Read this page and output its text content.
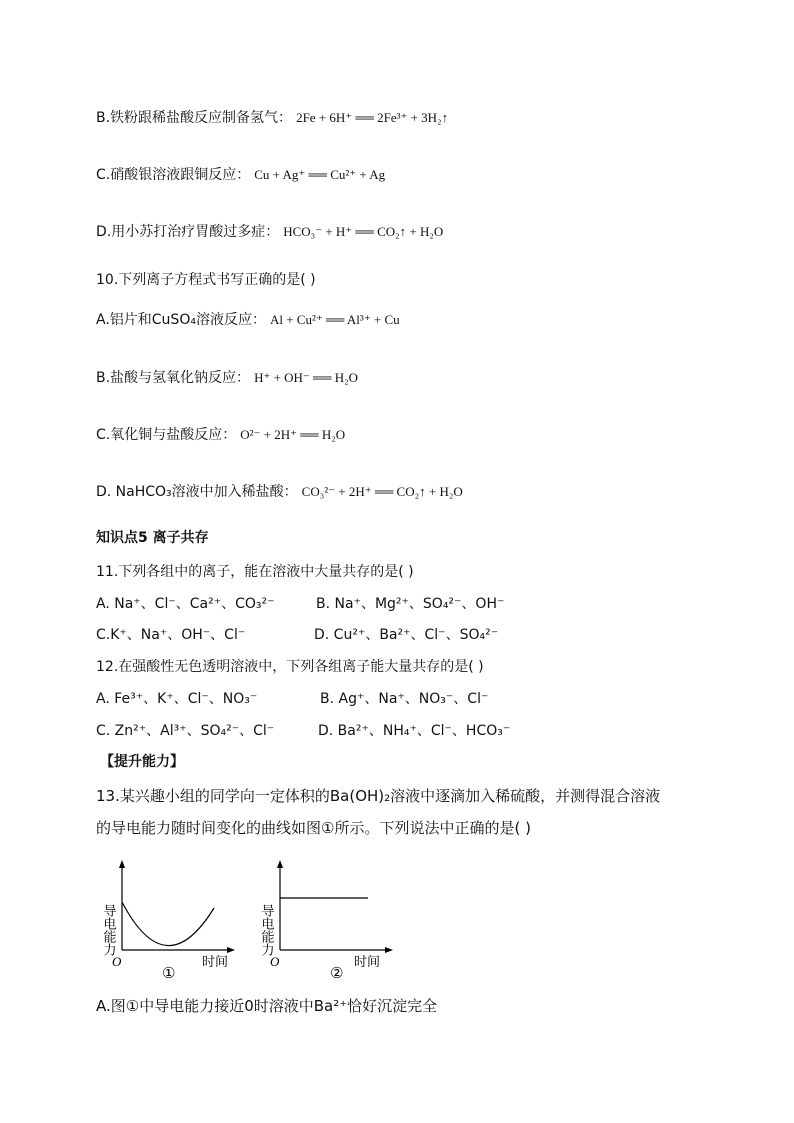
B.铁粉跟稀盐酸反应制备氢气： 2Fe + 6H⁺ ══ 2Fe³⁺ + 3H₂↑
C.硝酸银溶液跟铜反应： Cu + Ag⁺ ══ Cu²⁺ + Ag
D.用小苏打治疗胃酸过多症： HCO₃⁻ + H⁺ ══ CO₂↑ + H₂O
10.下列离子方程式书写正确的是( )
A.铝片和CuSO₄溶液反应： Al + Cu²⁺ ══ Al³⁺ + Cu
B.盐酸与氢氧化钠反应： H⁺ + OH⁻ ══ H₂O
C.氧化铜与盐酸反应： O²⁻ + 2H⁺ ══ H₂O
D. NaHCO₃溶液中加入稀盐酸： CO₃²⁻ + 2H⁺ ══ CO₂↑ + H₂O
知识点5 离子共存
11.下列各组中的离子，能在溶液中大量共存的是( )
A. Na⁺、Cl⁻、Ca²⁺、CO₃²⁻	B. Na⁺、Mg²⁺、SO₄²⁻、OH⁻
C.K⁺、Na⁺、OH⁻、Cl⁻	D. Cu²⁺、Ba²⁺、Cl⁻、SO₄²⁻
12.在强酸性无色透明溶液中，下列各组离子能大量共存的是( )
A. Fe³⁺、K⁺、Cl⁻、NO₃⁻	B. Ag⁺、Na⁺、NO₃⁻、Cl⁻
C. Zn²⁺、Al³⁺、SO₄²⁻、Cl⁻	D. Ba²⁺、NH₄⁺、Cl⁻、HCO₃⁻
【提升能力】
13.某兴趣小组的同学向一定体积的Ba(OH)₂溶液中逐滴加入稀硫酸，并测得混合溶液
的导电能力随时间变化的曲线如图①所示。下列说法中正确的是( )
导电能力
O	时间
①
导电能力
O	时间
②
A.图①中导电能力接近0时溶液中Ba²⁺恰好沉淀完全
